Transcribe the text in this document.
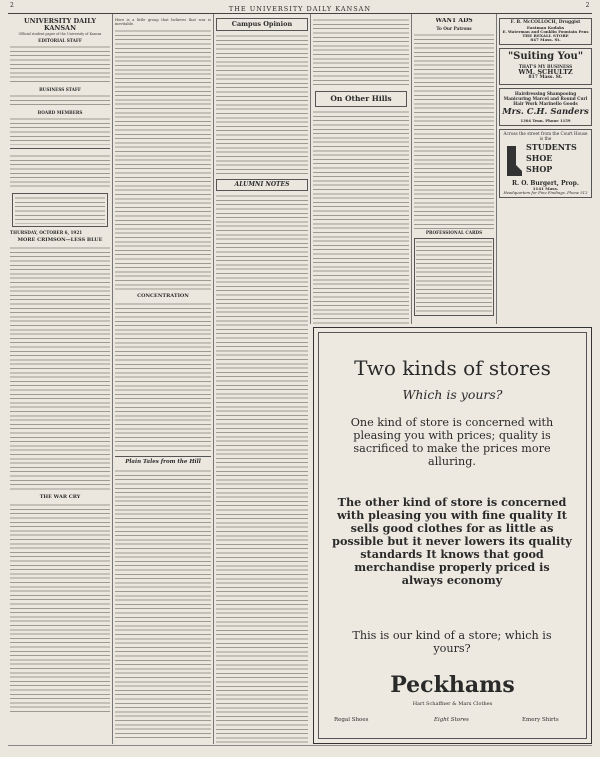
2	THE UNIVERSITY DAILY KANSAN	2
UNIVERSITY DAILY KANSAN
Official student paper of the University of Kansas
EDITORIAL STAFF
BUSINESS STAFF
BOARD MEMBERS
THURSDAY, OCTOBER 6, 1921
MORE CRIMSON—LESS BLUE
THE WAR CRY
Here is a little group that believes that war is inevitable.
CONCENTRATION
Plain Tales from the Hill
Campus Opinion
ALUMNI NOTES
On Other Hills
WANT ADS
To Our Patrons
PROFESSIONAL CARDS
F. B. McCOLLOCH, Druggist
Eastman Kodaks
E. Waterman and Conklin Fountain Pens
THE REXALL STORE
847 Mass. St.
"Suiting You"
THAT'S MY BUSINESS
WM. SCHULTZ
817 Mass. St.
Hairdressing Shampooing Manicuring Marcel and Round Curl Hair Work Marinello Goods
Mrs. C.H. Sanders
1304 Tenn. Phone 1159
Across the street from the Court House is the
STUDENTS
SHOE
SHOP
R. O. Burgert, Prop.
1141 Mass.
Headquarters for Fine Findings. Phone 512
Two kinds of stores
Which is yours?
One kind of store is concerned with pleasing you with prices; quality is sacrificed to make the prices more alluring.
The other kind of store is concerned with pleasing you with fine quality It sells good clothes for as little as possible but it never lowers its quality standards It knows that good merchandise properly priced is always economy
This is our kind of a store; which is yours?
Peckhams
Hart Schaffner & Marx Clothes
Regal Shoes	Eight Stores	Emery Shirts
